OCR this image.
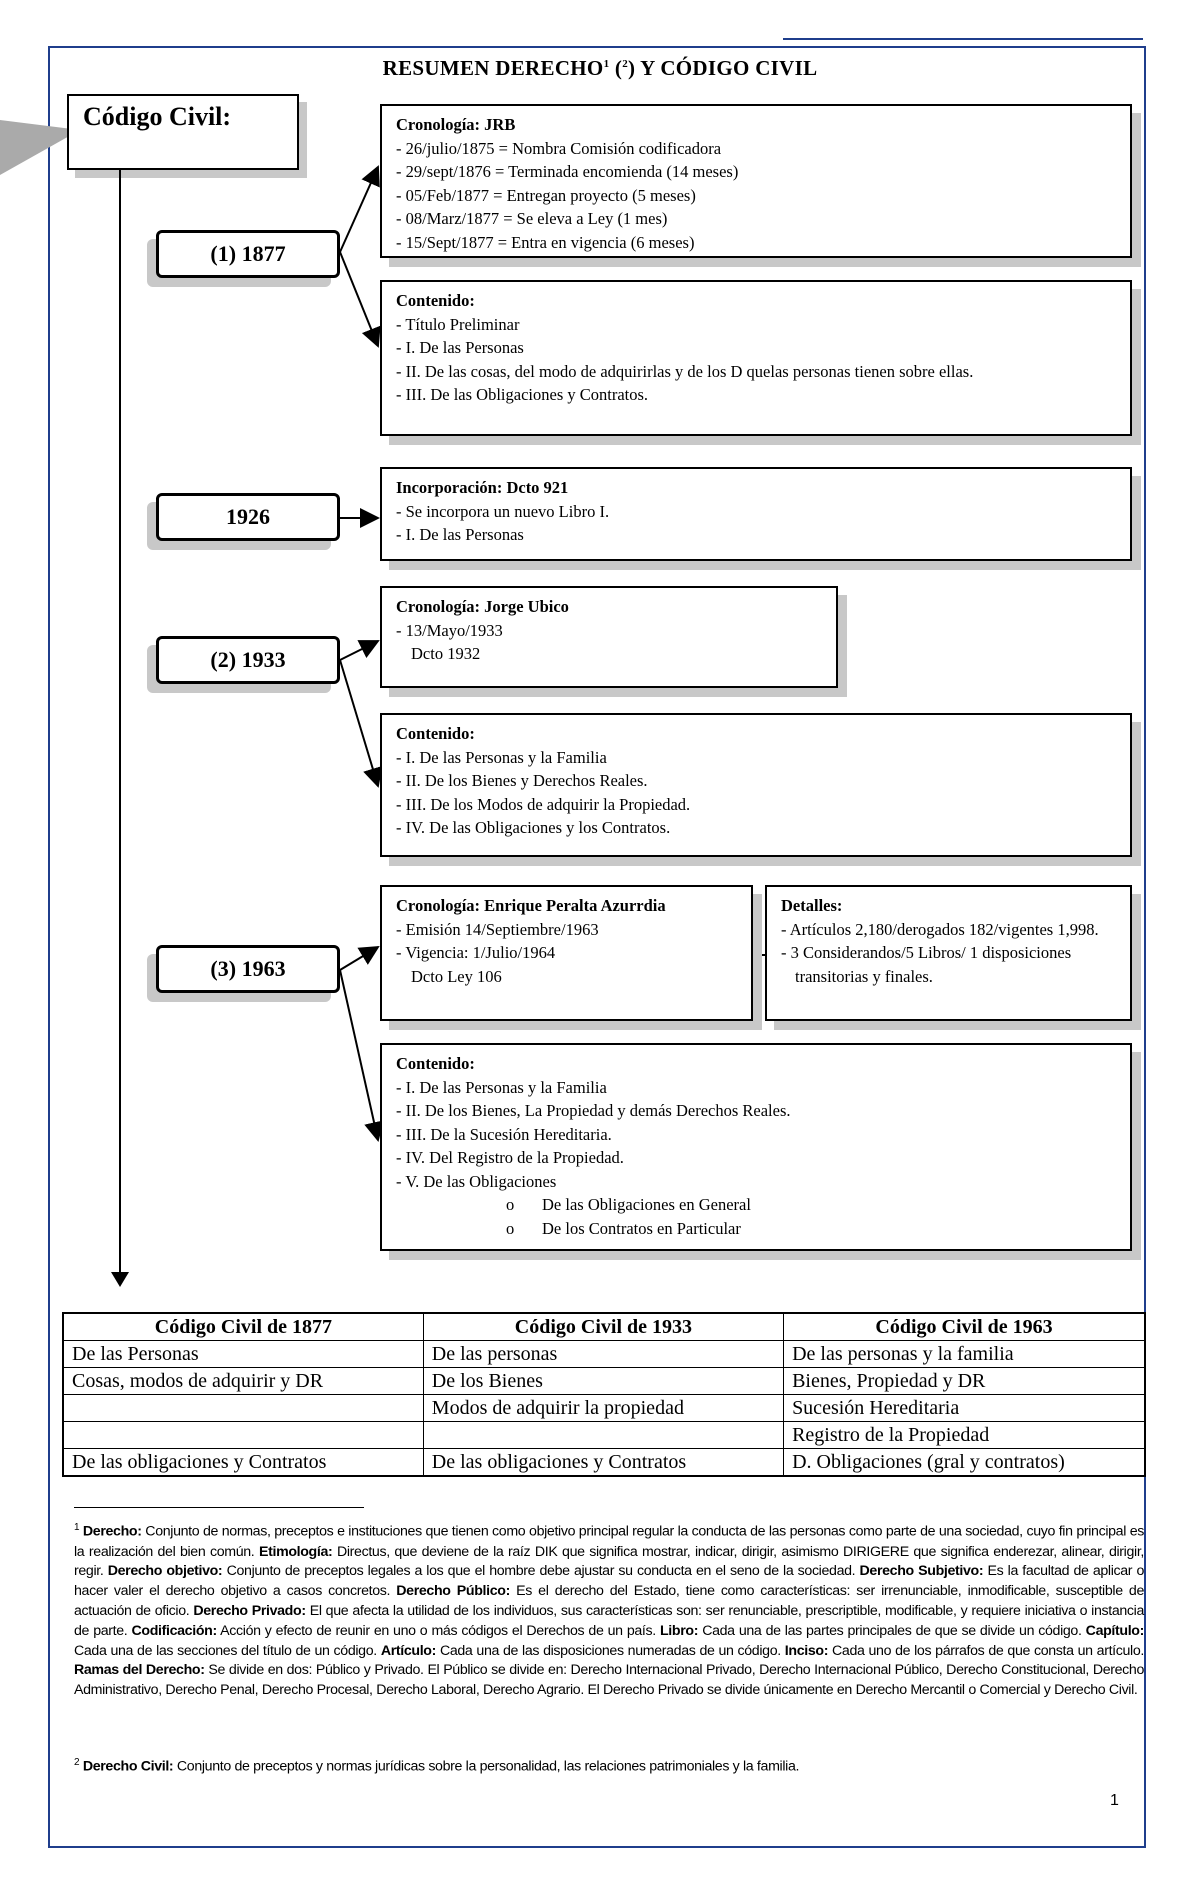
RESUMEN DERECHO$^1$ ($^2$) Y CÓDIGO CIVIL
Código Civil:
(1) 1877
1926
(2) 1933
(3) 1963
Cronología: JRB
- 26/julio/1875 = Nombra Comisión codificadora
- 29/sept/1876 = Terminada encomienda (14 meses)
- 05/Feb/1877 = Entregan proyecto (5 meses)
- 08/Marz/1877 = Se eleva a Ley (1 mes)
- 15/Sept/1877 = Entra en vigencia (6 meses)
Contenido:
- Título Preliminar
- I. De las Personas
- II. De las cosas, del modo de adquirirlas y de los D quelas personas tienen sobre ellas.
- III. De las Obligaciones y Contratos.
Incorporación: Dcto 921
- Se incorpora un nuevo Libro I.
- I. De las Personas
Cronología: Jorge Ubico
- 13/Mayo/1933
Dcto 1932
Contenido:
- I. De las Personas y la Familia
- II. De los Bienes y Derechos Reales.
- III. De los Modos de adquirir la Propiedad.
- IV. De las Obligaciones y los Contratos.
Cronología: Enrique Peralta Azurrdia
- Emisión 14/Septiembre/1963
- Vigencia: 1/Julio/1964
Dcto Ley 106
Detalles:
- Artículos 2,180/derogados 182/vigentes 1,998.
- 3 Considerandos/5 Libros/ 1 disposiciones transitorias y finales.
Contenido:
- I. De las Personas y la Familia
- II. De los Bienes, La Propiedad y demás Derechos Reales.
- III. De la Sucesión Hereditaria.
- IV. Del Registro de la Propiedad.
- V. De las Obligaciones
o De las Obligaciones en General
o De los Contratos en Particular
Código Civil de 1877	Código Civil de 1933	Código Civil de 1963
De las Personas	De las personas	De las personas y la familia
Cosas, modos de adquirir y DR	De los Bienes	Bienes, Propiedad y DR
	Modos de adquirir la propiedad	Sucesión Hereditaria
		Registro de la Propiedad
De las obligaciones y Contratos	De las obligaciones y Contratos	D. Obligaciones (gral y contratos)
$^1$ Derecho: Conjunto de normas, preceptos e instituciones que tienen como objetivo principal regular la conducta de las personas como parte de una sociedad, cuyo fin principal es la realización del bien común. Etimología: Directus, que deviene de la raíz DIK que significa mostrar, indicar, dirigir, asimismo DIRIGERE que significa enderezar, alinear, dirigir, regir. Derecho objetivo: Conjunto de preceptos legales a los que el hombre debe ajustar su conducta en el seno de la sociedad. Derecho Subjetivo: Es la facultad de aplicar o hacer valer el derecho objetivo a casos concretos. Derecho Público: Es el derecho del Estado, tiene como características: ser irrenunciable, inmodificable, susceptible de actuación de oficio. Derecho Privado: El que afecta la utilidad de los individuos, sus características son: ser renunciable, prescriptible, modificable, y requiere iniciativa o instancia de parte. Codificación: Acción y efecto de reunir en uno o más códigos el Derechos de un país. Libro: Cada una de las partes principales de que se divide un código. Capítulo: Cada una de las secciones del título de un código. Artículo: Cada una de las disposiciones numeradas de un código. Inciso: Cada uno de los párrafos de que consta un artículo. Ramas del Derecho: Se divide en dos: Público y Privado. El Público se divide en: Derecho Internacional Privado, Derecho Internacional Público, Derecho Constitucional, Derecho Administrativo, Derecho Penal, Derecho Procesal, Derecho Laboral, Derecho Agrario. El Derecho Privado se divide únicamente en Derecho Mercantil o Comercial y Derecho Civil.
$^2$ Derecho Civil: Conjunto de preceptos y normas jurídicas sobre la personalidad, las relaciones patrimoniales y la familia.
1
